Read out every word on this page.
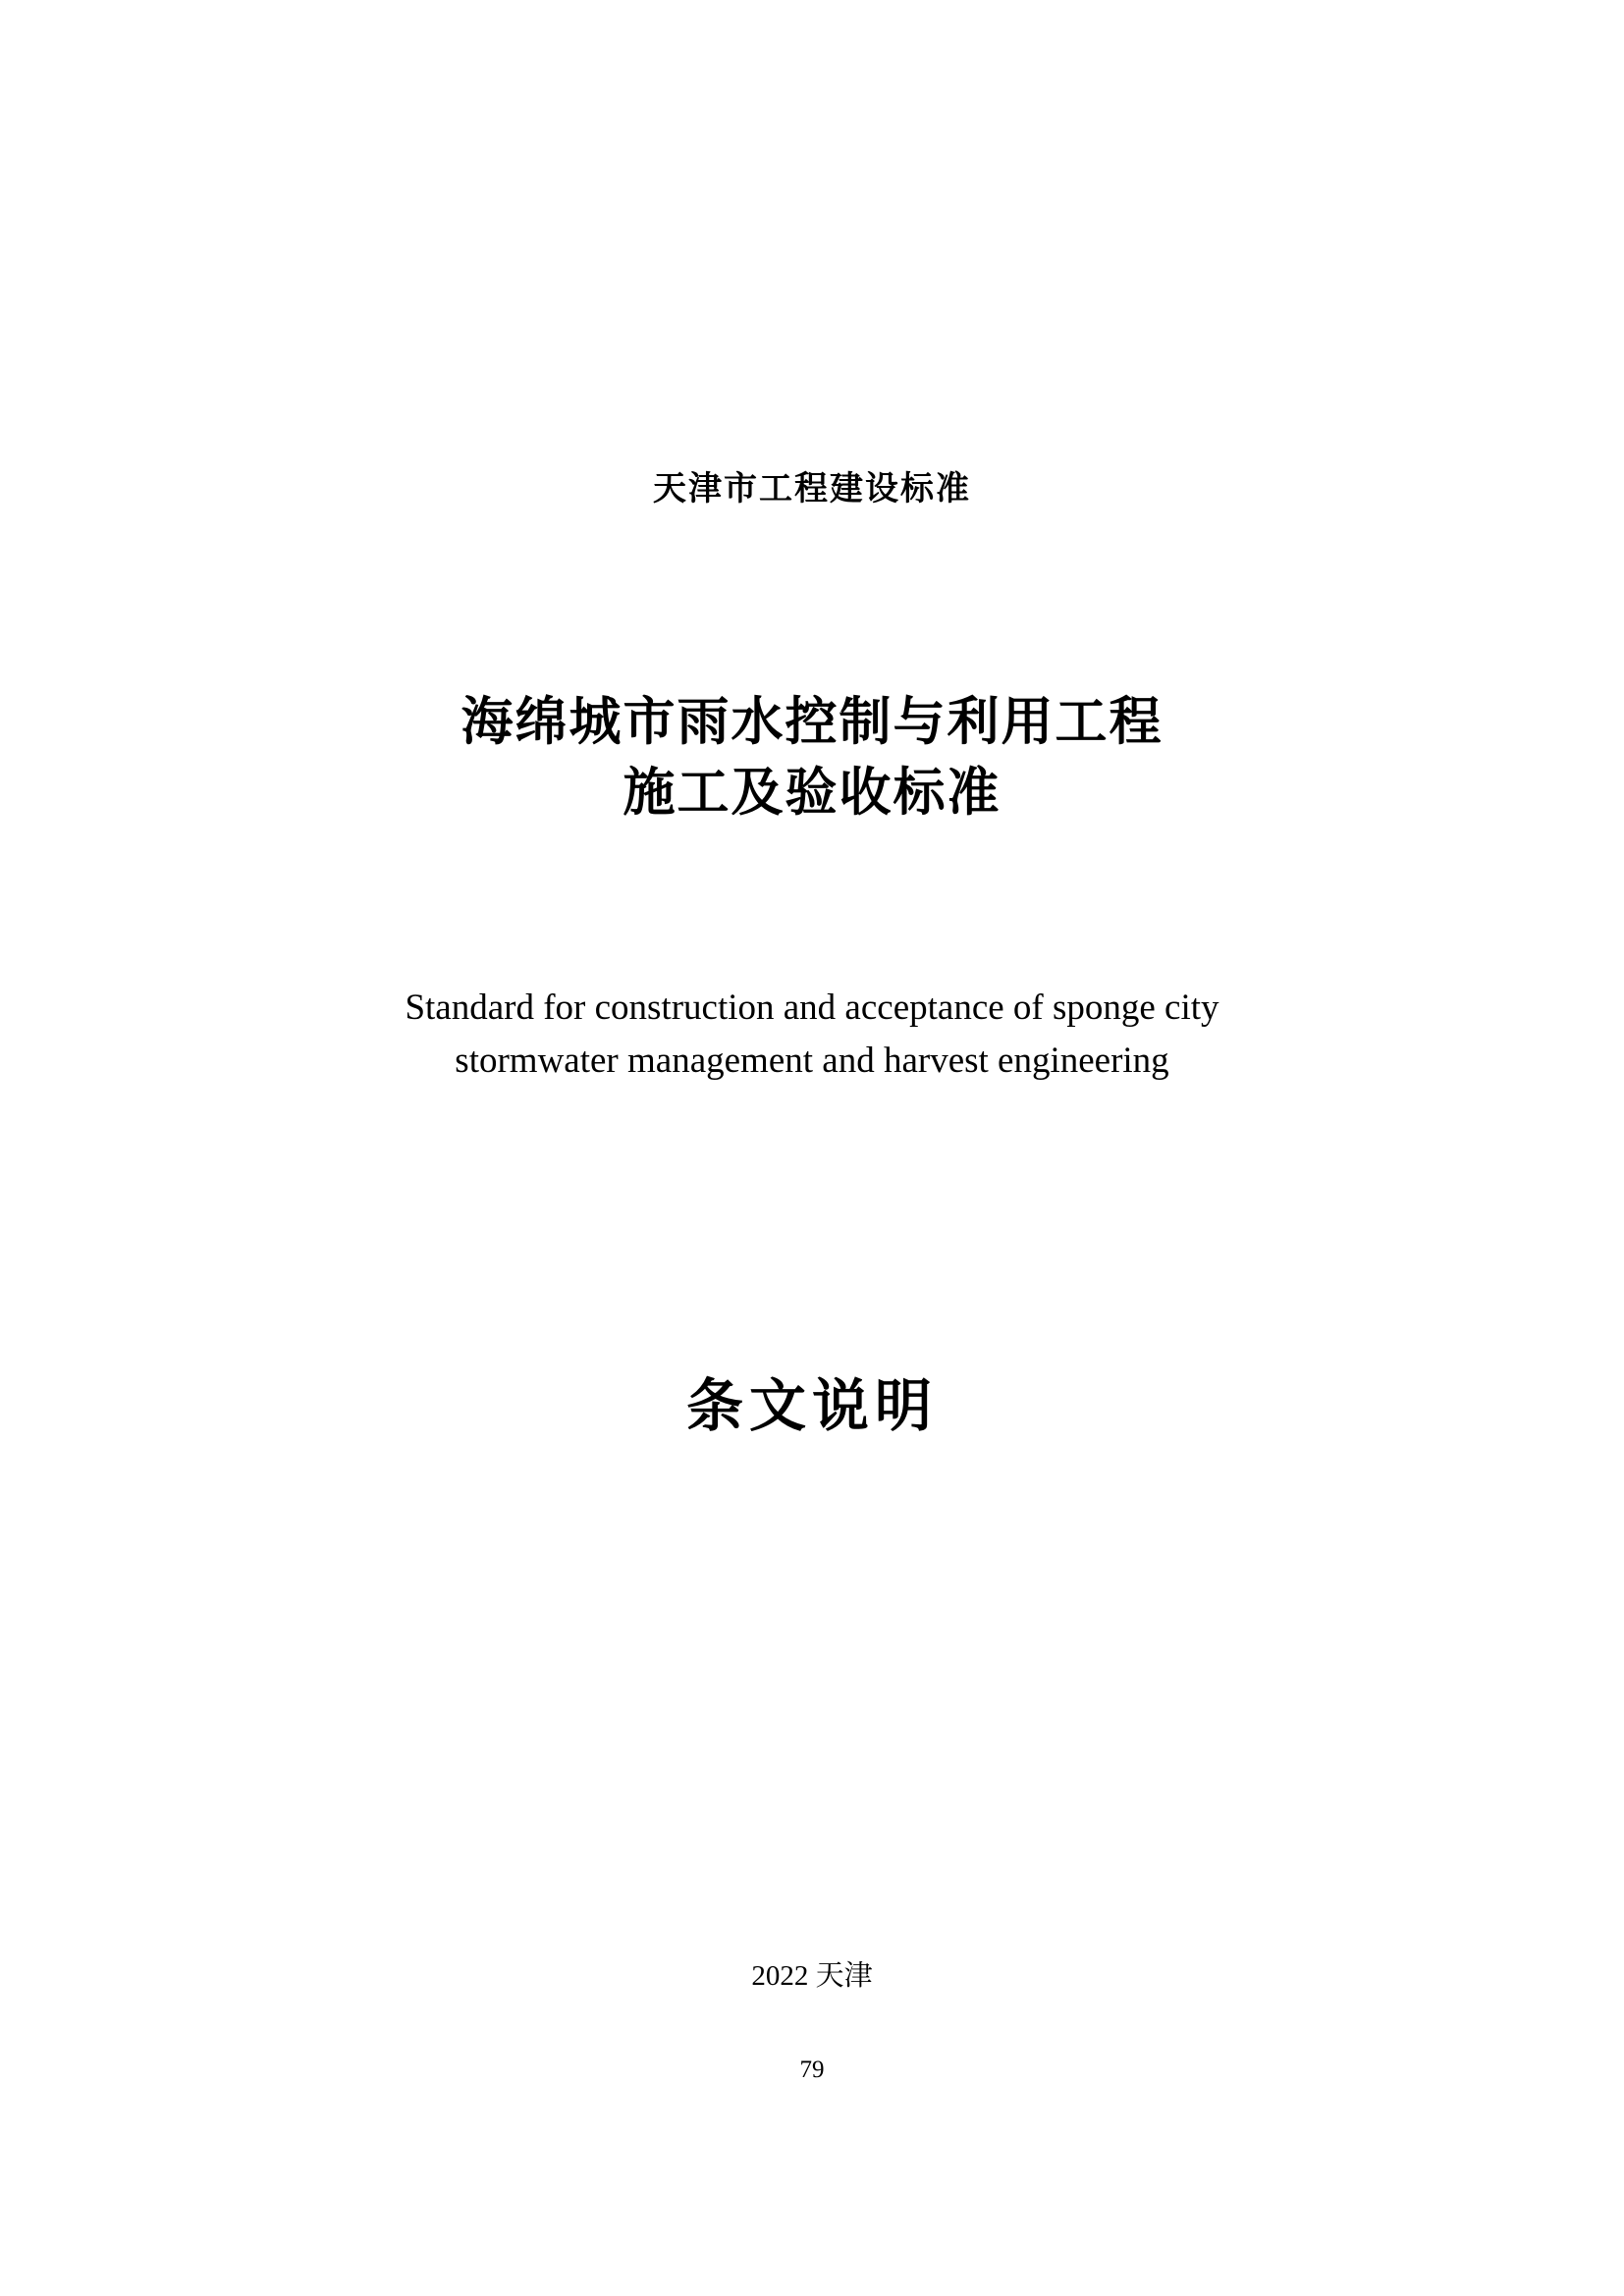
天津市工程建设标准
海绵城市雨水控制与利用工程
施工及验收标准
Standard for construction and acceptance of sponge city
stormwater management and harvest engineering
条文说明
2022 天津
79
